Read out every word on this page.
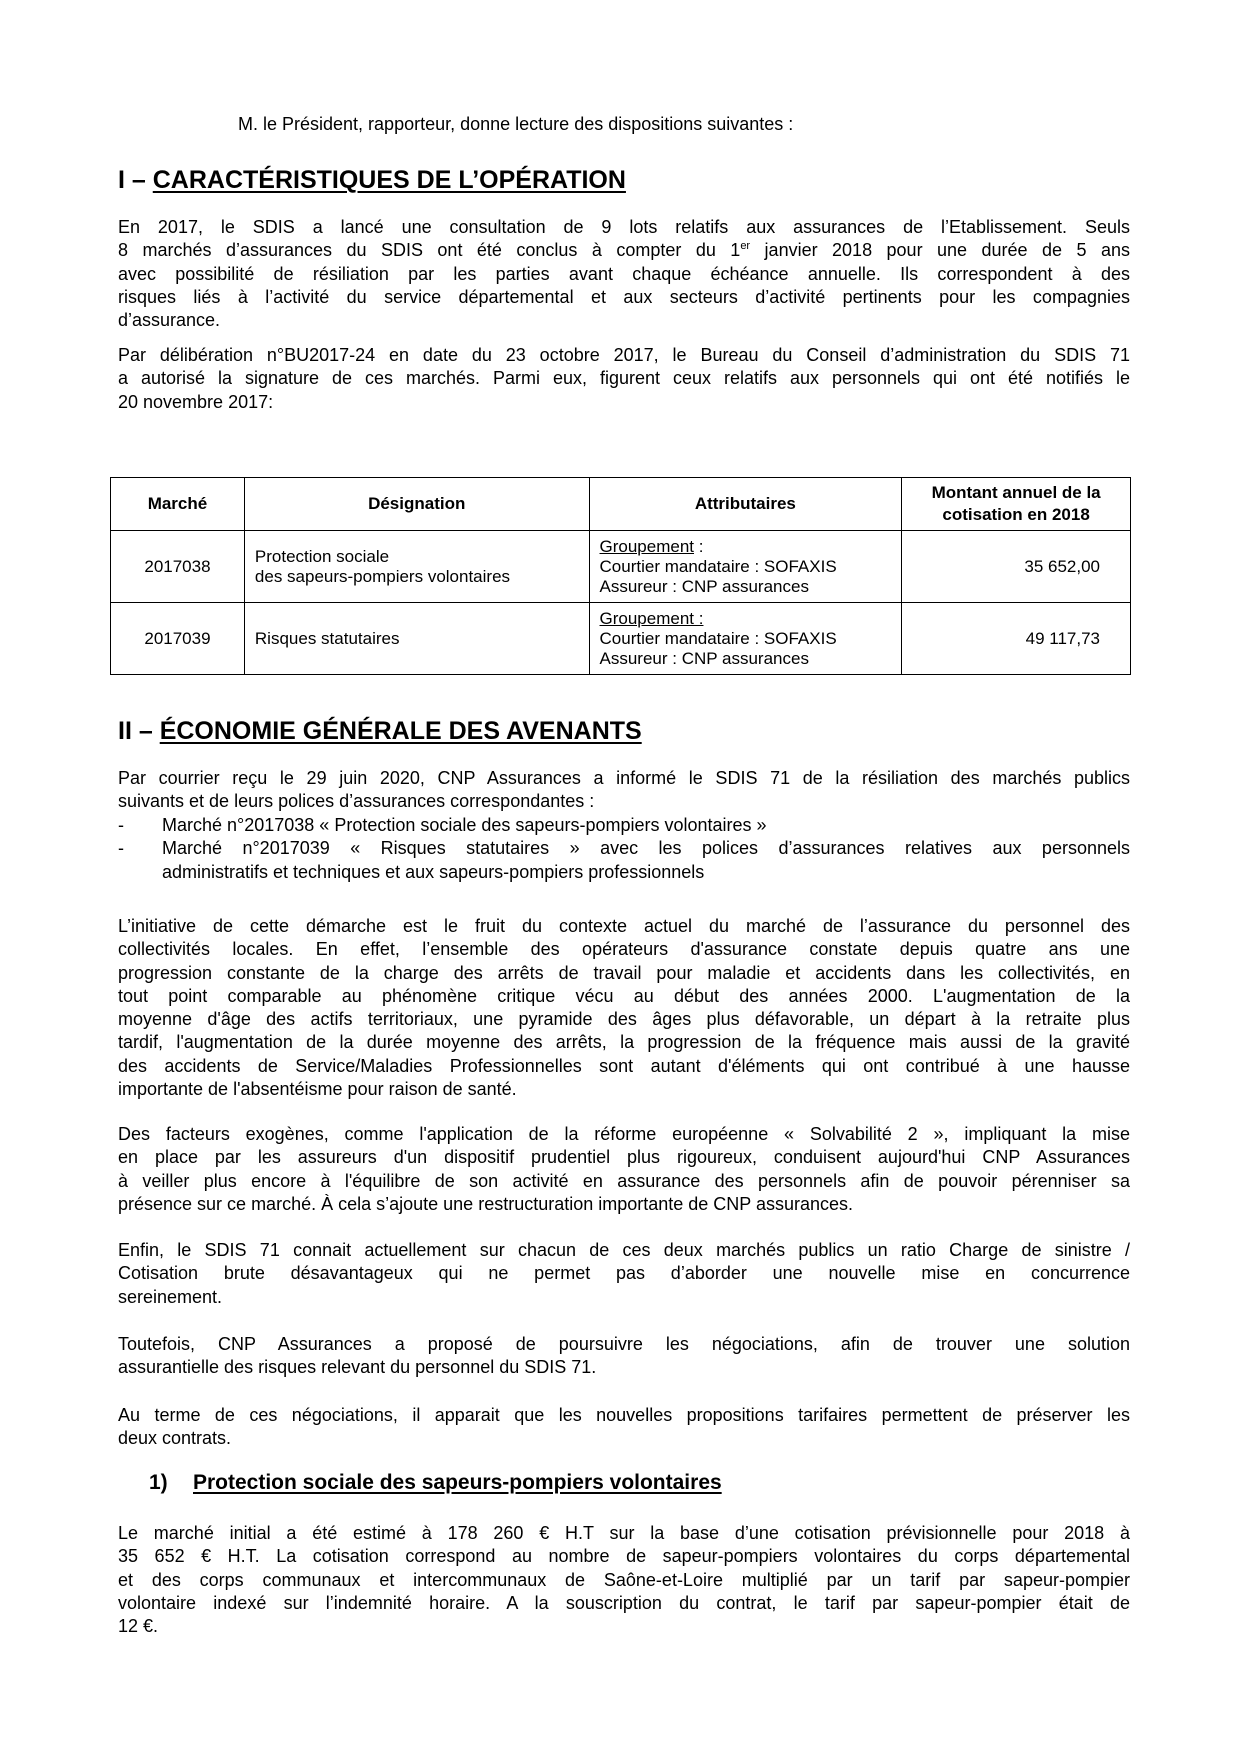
M. le Président, rapporteur, donne lecture des dispositions suivantes :
I – CARACTÉRISTIQUES DE L’OPÉRATION
En 2017, le SDIS a lancé une consultation de 9 lots relatifs aux assurances de l’Etablissement. Seuls
8 marchés d’assurances du SDIS ont été conclus à compter du 1er janvier 2018 pour une durée de 5 ans
avec possibilité de résiliation par les parties avant chaque échéance annuelle. Ils correspondent à des
risques liés à l’activité du service départemental et aux secteurs d’activité pertinents pour les compagnies
d’assurance.
Par délibération n°BU2017-24 en date du 23 octobre 2017, le Bureau du Conseil d’administration du SDIS 71
a autorisé la signature de ces marchés. Parmi eux, figurent ceux relatifs aux personnels qui ont été notifiés le
20 novembre 2017:
Marché	Désignation	Attributaires	Montant annuel de la
cotisation en 2018
2017038	Protection sociale
des sapeurs-pompiers volontaires	Groupement :
Courtier mandataire : SOFAXIS
Assureur : CNP assurances	35 652,00
2017039	Risques statutaires	Groupement :
Courtier mandataire : SOFAXIS
Assureur : CNP assurances	49 117,73
II – ÉCONOMIE GÉNÉRALE DES AVENANTS
Par courrier reçu le 29 juin 2020, CNP Assurances a informé le SDIS 71 de la résiliation des marchés publics
suivants et de leurs polices d’assurances correspondantes :
- Marché n°2017038 « Protection sociale des sapeurs-pompiers volontaires »
- Marché n°2017039 « Risques statutaires » avec les polices d’assurances relatives aux personnels
administratifs et techniques et aux sapeurs-pompiers professionnels
L’initiative de cette démarche est le fruit du contexte actuel du marché de l’assurance du personnel des
collectivités locales. En effet, l’ensemble des opérateurs d'assurance constate depuis quatre ans une
progression constante de la charge des arrêts de travail pour maladie et accidents dans les collectivités, en
tout point comparable au phénomène critique vécu au début des années 2000. L'augmentation de la
moyenne d'âge des actifs territoriaux, une pyramide des âges plus défavorable, un départ à la retraite plus
tardif, l'augmentation de la durée moyenne des arrêts, la progression de la fréquence mais aussi de la gravité
des accidents de Service/Maladies Professionnelles sont autant d'éléments qui ont contribué à une hausse
importante de l'absentéisme pour raison de santé.
Des facteurs exogènes, comme l'application de la réforme européenne « Solvabilité 2 », impliquant la mise
en place par les assureurs d'un dispositif prudentiel plus rigoureux, conduisent aujourd'hui CNP Assurances
à veiller plus encore à l'équilibre de son activité en assurance des personnels afin de pouvoir pérenniser sa
présence sur ce marché. À cela s’ajoute une restructuration importante de CNP assurances.
Enfin, le SDIS 71 connait actuellement sur chacun de ces deux marchés publics un ratio Charge de sinistre /
Cotisation brute désavantageux qui ne permet pas d’aborder une nouvelle mise en concurrence
sereinement.
Toutefois, CNP Assurances a proposé de poursuivre les négociations, afin de trouver une solution
assurantielle des risques relevant du personnel du SDIS 71.
Au terme de ces négociations, il apparait que les nouvelles propositions tarifaires permettent de préserver les
deux contrats.
1) Protection sociale des sapeurs-pompiers volontaires
Le marché initial a été estimé à 178 260 € H.T sur la base d’une cotisation prévisionnelle pour 2018 à
35 652 € H.T. La cotisation correspond au nombre de sapeur-pompiers volontaires du corps départemental
et des corps communaux et intercommunaux de Saône-et-Loire multiplié par un tarif par sapeur-pompier
volontaire indexé sur l’indemnité horaire. A la souscription du contrat, le tarif par sapeur-pompier était de
12 €.
